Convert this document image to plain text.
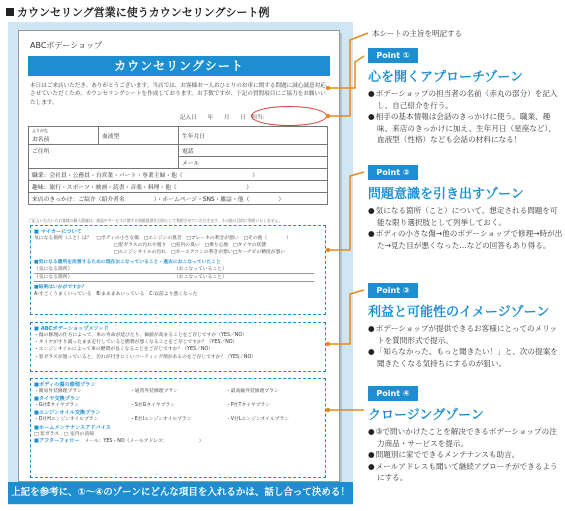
カウンセリング営業に使うカウンセリングシート例
ABCボデーショップ
カウンセリングシート
本日はご来店いただき、ありがとうございます。当店では、お客様お一人おひとりのお車に関する問題に誠心誠意対応させていただくため、カウンセリングシートを作成しております。お手数ですが、下記の質問項目にご協力をお願いいたします。
記入日　　年　　月　　日　 担当：
ふりがな
お名前	血液型	生年月日
ご住所		電話
		メール
職業：会社員・公務員・自営業・パート・専業主婦・他（　　　　　　　　　　　　）		
趣味：旅行・スポーツ・映画・読書・音楽・料理・他（　　　　　　　　　　　　）		
来店のきっかけ：ご紹介（紹介者名　　　　　）・ホームページ・SNS・雑誌・他（　　　　　）		
ご記入いただいたお客様の個人情報は、商品やサービスに関する情報提供を目的として利用させていただきます。その他の目的に利用いたしません。
■ マイカーについて
気になる箇所（こと）は？　 □ボディの小さな傷　□エンジンの異音　□ブレーキの利きが悪い　□その他（　　　　）
□窓ガラスの汚れや曇り　□室内の臭い　□乗り心地　□タイヤの状態
□エンジンオイルの汚れ　□カーエアコンの利きが悪い□カーナビの精度が悪い
■気になる箇所を改善するために現在おこなっていること・過去におこなっていたこと
（気になる箇所）	（おこなっていること）
（気になる箇所）	（おこなっていること）
■結果はいかがですか？
A:すごくうまくいっている　B:まあまあいっている　C:以前より悪くなった
■ ABCボデーショップメソッド
・傷の修理の仕方によって、車の寿命が延びたり、価値が高まることをご存じですか（YES／NO）
・タイヤがすり減ったまま走行していると燃費が悪くなることをご存じですか？（YES／NO）
・エンジンオイルによって車の燃費が良くなることをご存じですか？（YES／NO）
・窓ガラスが曇っていると、汚れが付きにくいコーティング剤があるのをご存じですか？（YES／NO）
■ボディの傷の修理プラン
・簡易外装修理プラン	・通常外装修理プラン	・最高級外装修理プラン
■タイヤ交換プラン
・G社Eタイヤプラン	・S社Gタイヤプラン	・P社Tタイヤプラン
■エンジンオイル交換プラン
・D社Hエンジンオイルプラン	・E社Iエンジンオイルプラン	・V社Lエンジンオイルプラン
■ホームメンテナンスアドバイス
□ 窓ガラス　□ 室内の清掃
■アフターフォロー
　 メール：YES・NO（メールアドレス：　　　　　　　）
上記を参考に、①～④のゾーンにどんな項目を入れるかは、話し合って決める！
本シートの主旨を明記する
Point ①
心を開くアプローチゾーン

● ボデーショップの担当者の名前（赤丸の部分）を記入し、自己紹介を行う。

● 相手の基本情報は会話のきっかけに使う。職業、趣味、来店のきっかけに加え、生年月日（星座など）、血液型（性格）なども会話の材料になる！

Point ②
問題意識を引き出すゾーン

● 気になる箇所（こと）について、想定される問題を可能な限り選択肢として列挙しておく。

● ボディの小さな傷→他のボデーショップで修理→時が出た→見た目が悪くなった…などの回答もあり得る。

Point ③
利益と可能性のイメージゾーン

● ボデーショップが提供できるお客様にとってのメリットを質問形式で提示。

● 「知らなかった、もっと聞きたい！」と、次の提案を聞きたくなる気持ちにするのが狙い。

Point ④
クロージングゾーン

● ③で問いかけたことを解決できるボデーショップの注力商品・サービスを提示。

● 問題別に家でできるメンテナンスも助言。

● メールアドレスも聞いて継続アプローチができるようにする。
